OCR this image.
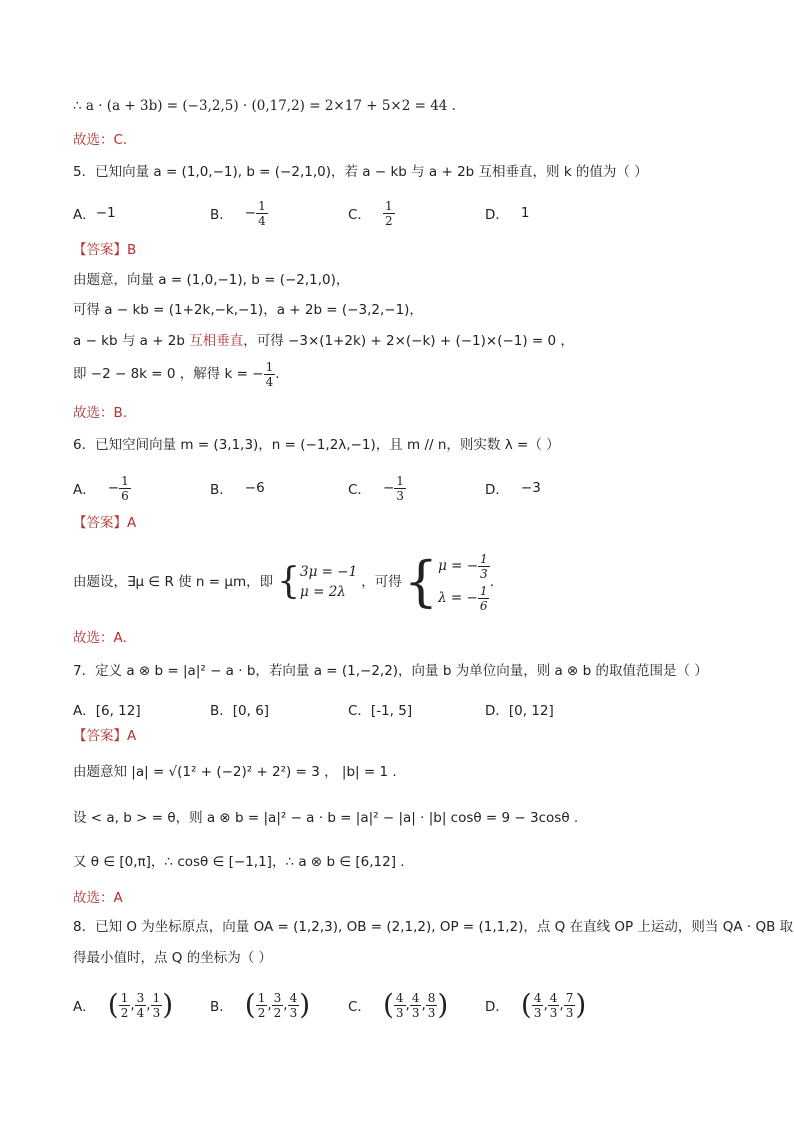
∴ a · (a + 3b) = (−3,2,5) · (0,17,2) = 2×17 + 5×2 = 44 .
故选：C.
5．已知向量 a = (1,0,−1), b = (−2,1,0)，若 a − kb 与 a + 2b 互相垂直，则 k 的值为（ ）
A． −1	B． − $\frac{1}{4}$	C． $\frac{1}{2}$	D． 1
【答案】B
由题意，向量 a = (1,0,−1), b = (−2,1,0)，
可得 a − kb = (1+2k,−k,−1)，a + 2b = (−3,2,−1)，
a − kb 与 a + 2b 互相垂直，可得 −3×(1+2k) + 2×(−k) + (−1)×(−1) = 0 ，
即 −2 − 8k = 0 ，解得 k = − $\frac{1}{4}$ .
故选：B.
6．已知空间向量 m = (3,1,3)，n = (−1,2λ,−1)，且 m // n，则实数 λ =（ ）
A． − $\frac{1}{6}$	B． −6	C． − $\frac{1}{3}$	D． −3
【答案】A
由题设，∃μ ∈ R 使 n = μm，即 { 3μ = −1
μ = 2λ
，可得 { μ = − $\frac{1}{3}$
λ = − $\frac{1}{6}$
.
故选：A.
7．定义 a ⊗ b = |a|² − a · b，若向量 a = (1,−2,2)，向量 b 为单位向量，则 a ⊗ b 的取值范围是（ ）
A．[6, 12]	B．[0, 6]	C．[-1, 5]	D．[0, 12]
【答案】A
由题意知 |a| = √(1² + (−2)² + 2²) = 3 ， |b| = 1 .
设 < a, b > = θ，则 a ⊗ b = |a|² − a · b = |a|² − |a| · |b| cosθ = 9 − 3cosθ .
又 θ ∈ [0,π]，∴ cosθ ∈ [−1,1]，∴ a ⊗ b ∈ [6,12] .
故选：A
8．已知 O 为坐标原点，向量 OA = (1,2,3), OB = (2,1,2), OP = (1,1,2)，点 Q 在直线 OP 上运动，则当 QA · QB 取
得最小值时，点 Q 的坐标为（ ）
A． ( $\frac{1}{2}$ , $\frac{3}{4}$ , $\frac{1}{3}$ )	B． ( $\frac{1}{2}$ , $\frac{3}{2}$ , $\frac{4}{3}$ )	C． ( $\frac{4}{3}$ , $\frac{4}{3}$ , $\frac{8}{3}$ )	D． ( $\frac{4}{3}$ , $\frac{4}{3}$ , $\frac{7}{3}$ )
